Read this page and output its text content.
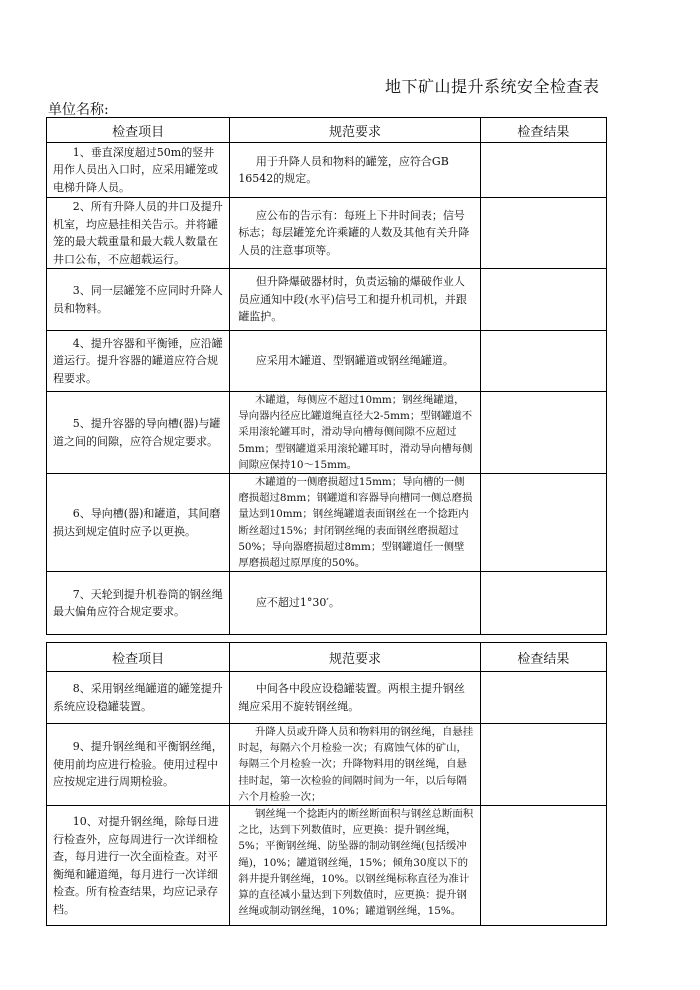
地下矿山提升系统安全检查表
单位名称:
检查项目	规范要求	检查结果
1、垂直深度超过50m的竖井用作人员出入口时，应采用罐笼或电梯升降人员。	用于升降人员和物料的罐笼，应符合GB 16542的规定。	
2、所有升降人员的井口及提升机室，均应悬挂相关告示。并将罐笼的最大载重量和最大载人数量在井口公布，不应超载运行。	应公布的告示有：每班上下井时间表；信号标志；每层罐笼允许乘罐的人数及其他有关升降人员的注意事项等。	
3、同一层罐笼不应同时升降人员和物料。	但升降爆破器材时，负责运输的爆破作业人员应通知中段(水平)信号工和提升机司机，并跟罐监护。	
4、提升容器和平衡锤，应沿罐道运行。提升容器的罐道应符合规程要求。	应采用木罐道、型钢罐道或钢丝绳罐道。	
5、提升容器的导向槽(器)与罐道之间的间隙，应符合规定要求。	木罐道，每侧应不超过10mm；钢丝绳罐道，导向器内径应比罐道绳直径大2-5mm；型钢罐道不采用滚轮罐耳时，滑动导向槽每侧间隙不应超过5mm；型钢罐道采用滚轮罐耳时，滑动导向槽每侧间隙应保持10～15mm。	
6、导向槽(器)和罐道，其间磨损达到规定值时应予以更换。	木罐道的一侧磨损超过15mm；导向槽的一侧磨损超过8mm；钢罐道和容器导向槽同一侧总磨损量达到10mm；钢丝绳罐道表面钢丝在一个捻距内断丝超过15%；封闭钢丝绳的表面钢丝磨损超过50%；导向器磨损超过8mm；型钢罐道任一侧壁厚磨损超过原厚度的50%。	
7、天轮到提升机卷筒的钢丝绳最大偏角应符合规定要求。	应不超过1°30′。	
检查项目	规范要求	检查结果
8、采用钢丝绳罐道的罐笼提升系统应设稳罐装置。	中间各中段应设稳罐装置。两根主提升钢丝绳应采用不旋转钢丝绳。	
9、提升钢丝绳和平衡钢丝绳，使用前均应进行检验。使用过程中应按规定进行周期检验。	升降人员或升降人员和物料用的钢丝绳，自悬挂时起，每隔六个月检验一次；有腐蚀气体的矿山，每隔三个月检验一次；升降物料用的钢丝绳，自悬挂时起，第一次检验的间隔时间为一年，以后每隔六个月检验一次；	
10、对提升钢丝绳，除每日进行检查外，应每周进行一次详细检查，每月进行一次全面检查。对平衡绳和罐道绳，每月进行一次详细检查。所有检查结果，均应记录存档。	钢丝绳一个捻距内的断丝断面积与钢丝总断面积之比，达到下列数值时，应更换：提升钢丝绳，5%；平衡钢丝绳、防坠器的制动钢丝绳(包括缓冲绳)，10%；罐道钢丝绳，15%；倾角30度以下的斜井提升钢丝绳，10%。以钢丝绳标称直径为准计算的直径减小量达到下列数值时，应更换：提升钢丝绳或制动钢丝绳，10%；罐道钢丝绳，15%。	
